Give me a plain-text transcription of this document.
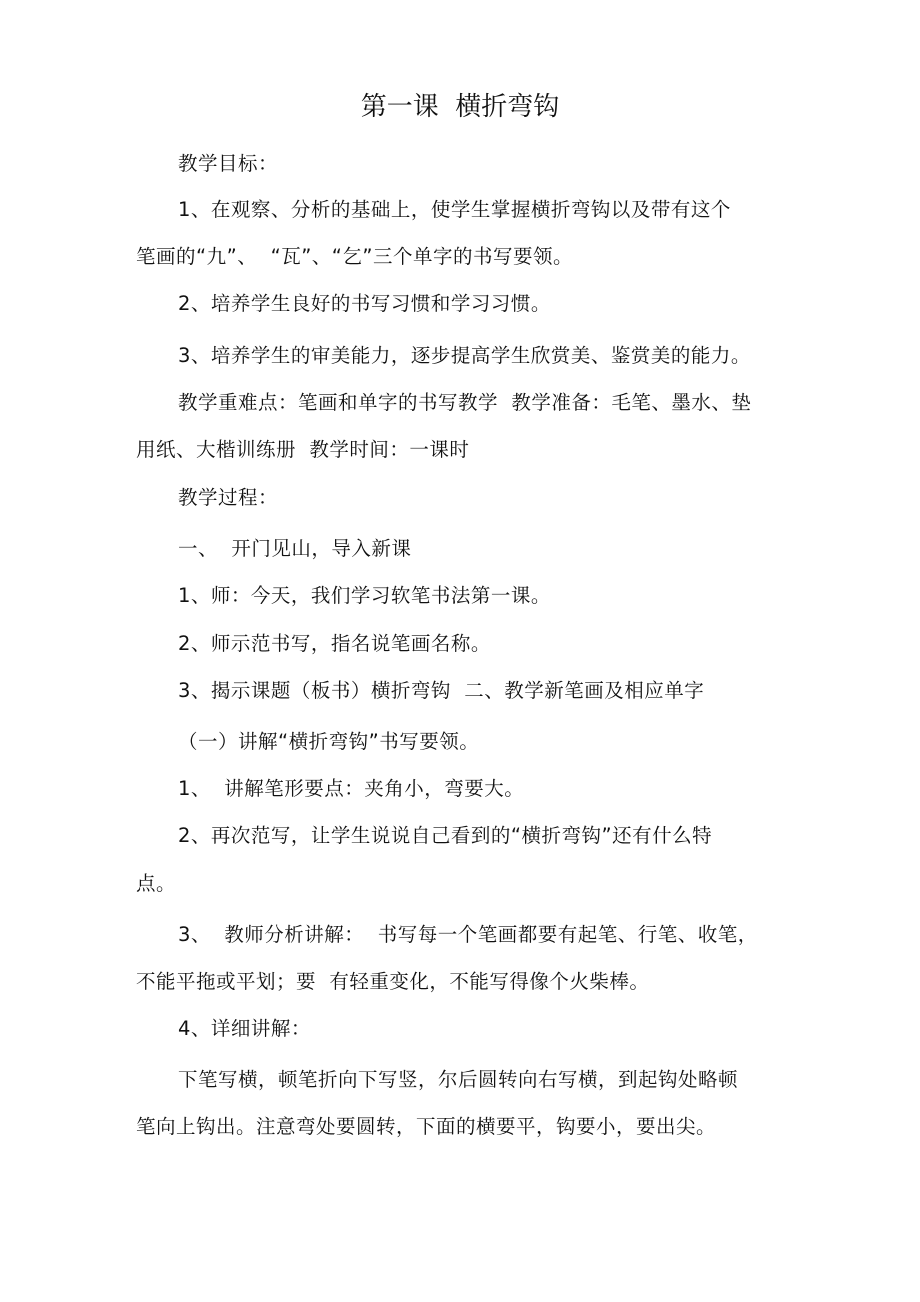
第一课  横折弯钩
教学目标：
1、在观察、分析的基础上，使学生掌握横折弯钩以及带有这个
笔画的“九”、  “瓦”、“乞”三个单字的书写要领。
2、培养学生良好的书写习惯和学习习惯。
3、培养学生的审美能力，逐步提高学生欣赏美、鉴赏美的能力。
教学重难点：笔画和单字的书写教学  教学准备：毛笔、墨水、垫
用纸、大楷训练册  教学时间：一课时
教学过程：
一、  开门见山，导入新课
1、师：今天，我们学习软笔书法第一课。
2、师示范书写，指名说笔画名称。
3、揭示课题（板书）横折弯钩  二、教学新笔画及相应单字
（一）讲解“横折弯钩”书写要领。
1、  讲解笔形要点：夹角小，弯要大。
2、再次范写，让学生说说自己看到的“横折弯钩”还有什么特
点。
3、  教师分析讲解：  书写每一个笔画都要有起笔、行笔、收笔，
不能平拖或平划；要  有轻重变化，不能写得像个火柴棒。
4、详细讲解：
下笔写横，顿笔折向下写竖，尔后圆转向右写横，到起钩处略顿
笔向上钩出。注意弯处要圆转，下面的横要平，钩要小，要出尖。
